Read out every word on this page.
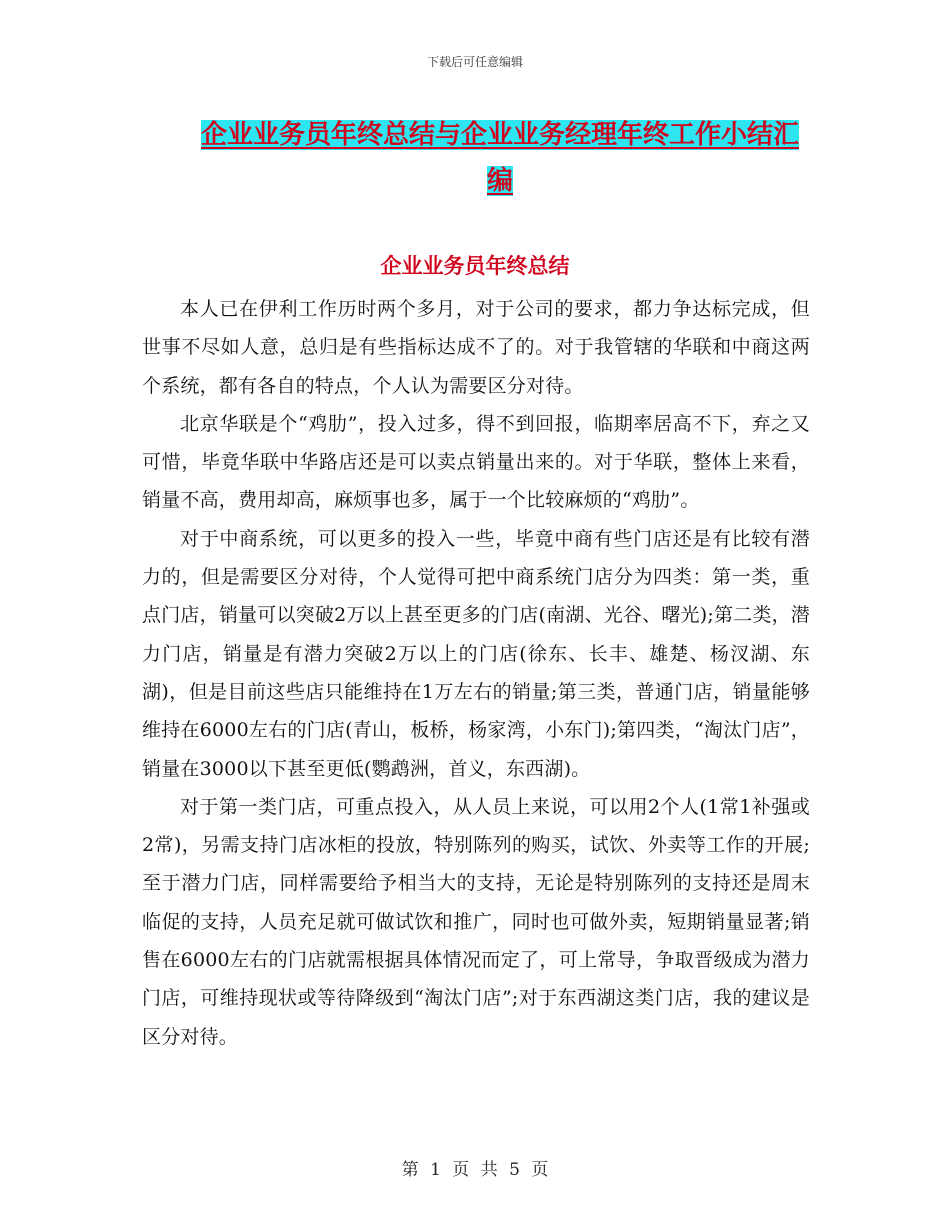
下载后可任意编辑
企业业务员年终总结与企业业务经理年终工作小结汇编
企业业务员年终总结

本人已在伊利工作历时两个多月，对于公司的要求，都力争达标完成，但世事不尽如人意，总归是有些指标达成不了的。对于我管辖的华联和中商这两个系统，都有各自的特点，个人认为需要区分对待。

北京华联是个“鸡肋”，投入过多，得不到回报，临期率居高不下，弃之又可惜，毕竟华联中华路店还是可以卖点销量出来的。对于华联，整体上来看，销量不高，费用却高，麻烦事也多，属于一个比较麻烦的“鸡肋”。

对于中商系统，可以更多的投入一些，毕竟中商有些门店还是有比较有潜力的，但是需要区分对待，个人觉得可把中商系统门店分为四类：第一类，重点门店，销量可以突破2万以上甚至更多的门店(南湖、光谷、曙光);第二类，潜力门店，销量是有潜力突破2万以上的门店(徐东、长丰、雄楚、杨汊湖、东湖)，但是目前这些店只能维持在1万左右的销量;第三类，普通门店，销量能够维持在6000左右的门店(青山，板桥，杨家湾，小东门);第四类，“淘汰门店”，销量在3000以下甚至更低(鹦鹉洲，首义，东西湖)。

对于第一类门店，可重点投入，从人员上来说，可以用2个人(1常1补强或2常)，另需支持门店冰柜的投放，特别陈列的购买，试饮、外卖等工作的开展;至于潜力门店，同样需要给予相当大的支持，无论是特别陈列的支持还是周末临促的支持，人员充足就可做试饮和推广，同时也可做外卖，短期销量显著;销售在6000左右的门店就需根据具体情况而定了，可上常导，争取晋级成为潜力门店，可维持现状或等待降级到“淘汰门店”;对于东西湖这类门店，我的建议是区分对待。

第 1 页 共 5 页
